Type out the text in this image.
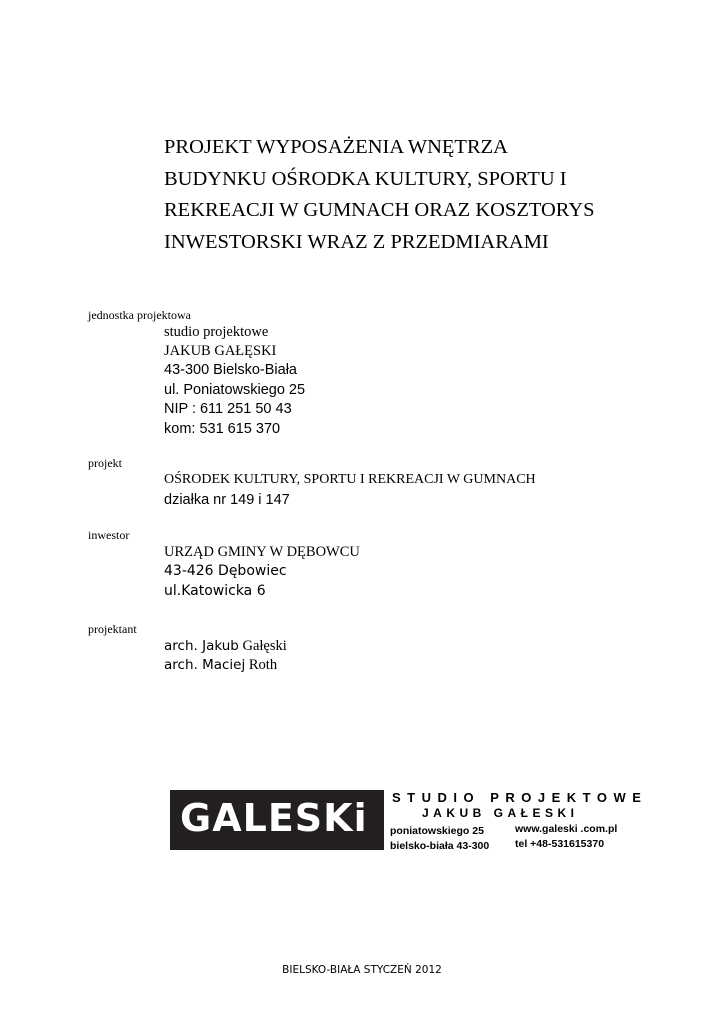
PROJEKT WYPOSAŻENIA WNĘTRZA
BUDYNKU OŚRODKA KULTURY, SPORTU I
REKREACJI W GUMNACH ORAZ KOSZTORYS
INWESTORSKI WRAZ Z PRZEDMIARAMI
jednostka projektowa
studio projektowe
JAKUB GAŁĘSKI
43-300 Bielsko-Biała
ul. Poniatowskiego 25
NIP : 611 251 50 43
kom: 531 615 370
projekt
OŚRODEK KULTURY, SPORTU I REKREACJI W GUMNACH
działka nr 149 i 147
inwestor
URZĄD GMINY W DĘBOWCU
43-426 Dębowiec
ul.Katowicka 6
projektant
arch. Jakub Gałęski
arch. Maciej Roth
GALESKi STUDIO PROJEKTOWE
JAKUB GAŁESKI
poniatowskiego 25
bielsko-biała 43-300
www.galeski .com.pl
tel +48-531615370
BIELSKO-BIAŁA STYCZEŃ 2012
